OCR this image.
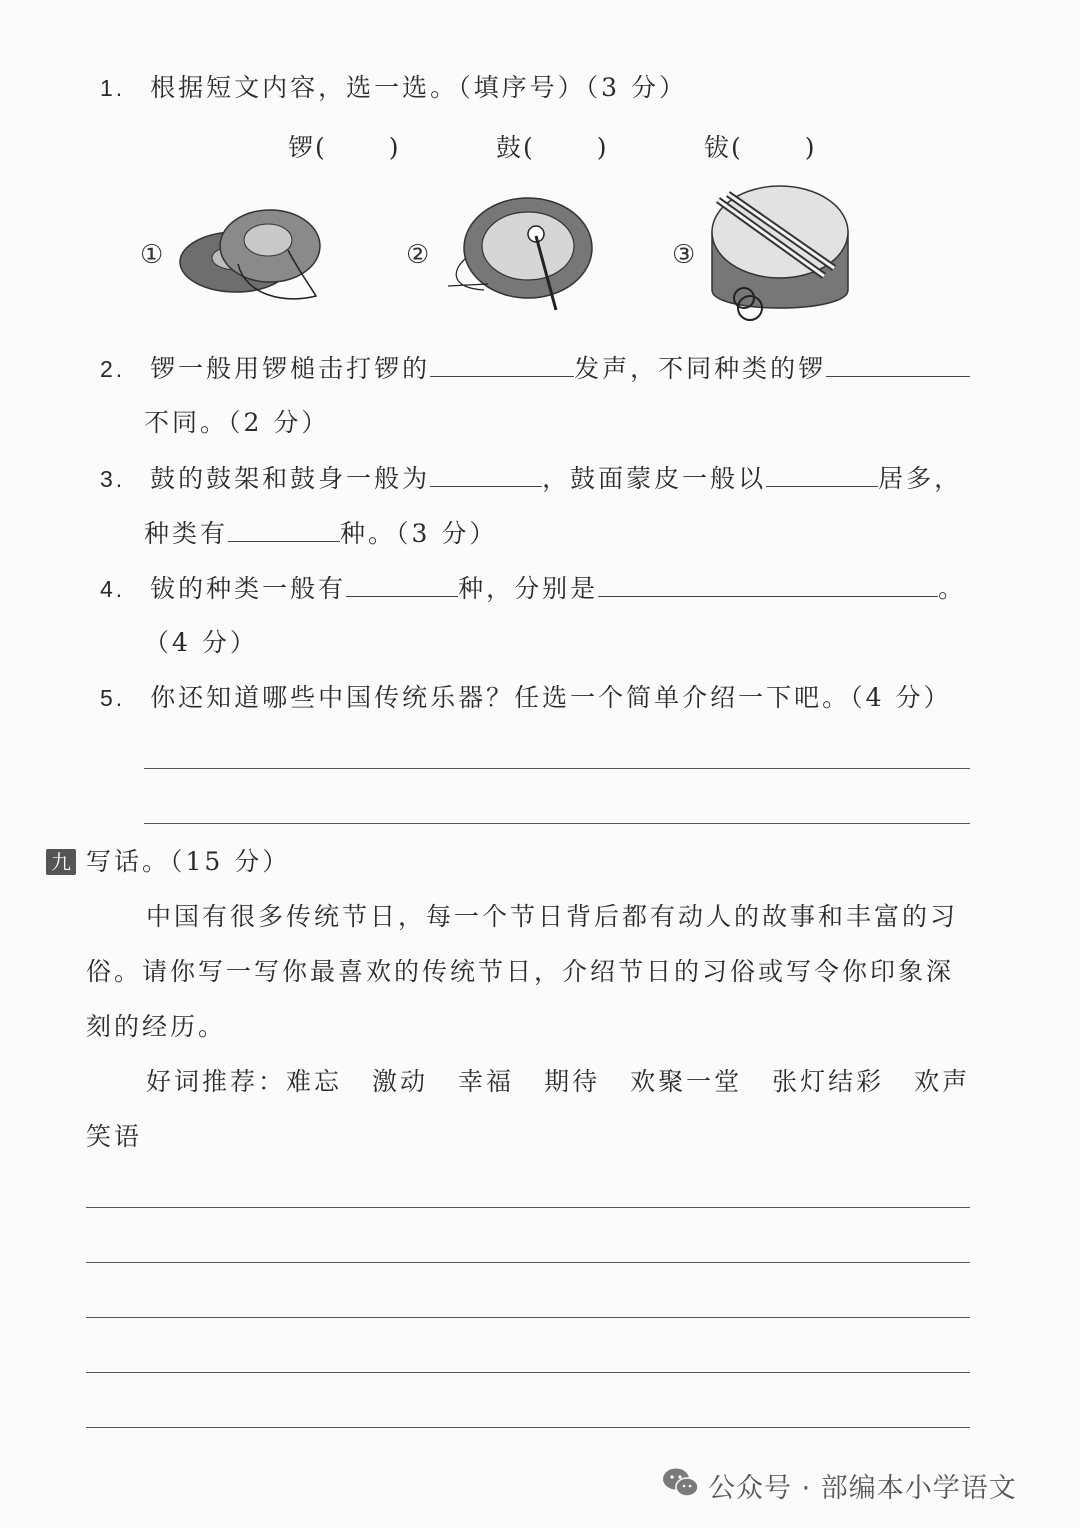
1. 根据短文内容，选一选。（填序号）（3 分）
锣( )	鼓( )	钹( )
①	②	③
2. 锣一般用锣槌击打锣的	发声，不同种类的锣
不同。（2 分）
3. 鼓的鼓架和鼓身一般为	，鼓面蒙皮一般以	居多，
种类有	种。（3 分）
4. 钹的种类一般有	种，分别是	。
（4 分）
5. 你还知道哪些中国传统乐器？任选一个简单介绍一下吧。（4 分）
九 写话。（15 分）
中国有很多传统节日，每一个节日背后都有动人的故事和丰富的习
俗。请你写一写你最喜欢的传统节日，介绍节日的习俗或写令你印象深
刻的经历。
好词推荐：难忘 激动 幸福 期待 欢聚一堂 张灯结彩 欢声
笑语
公众号 · 部编本小学语文
